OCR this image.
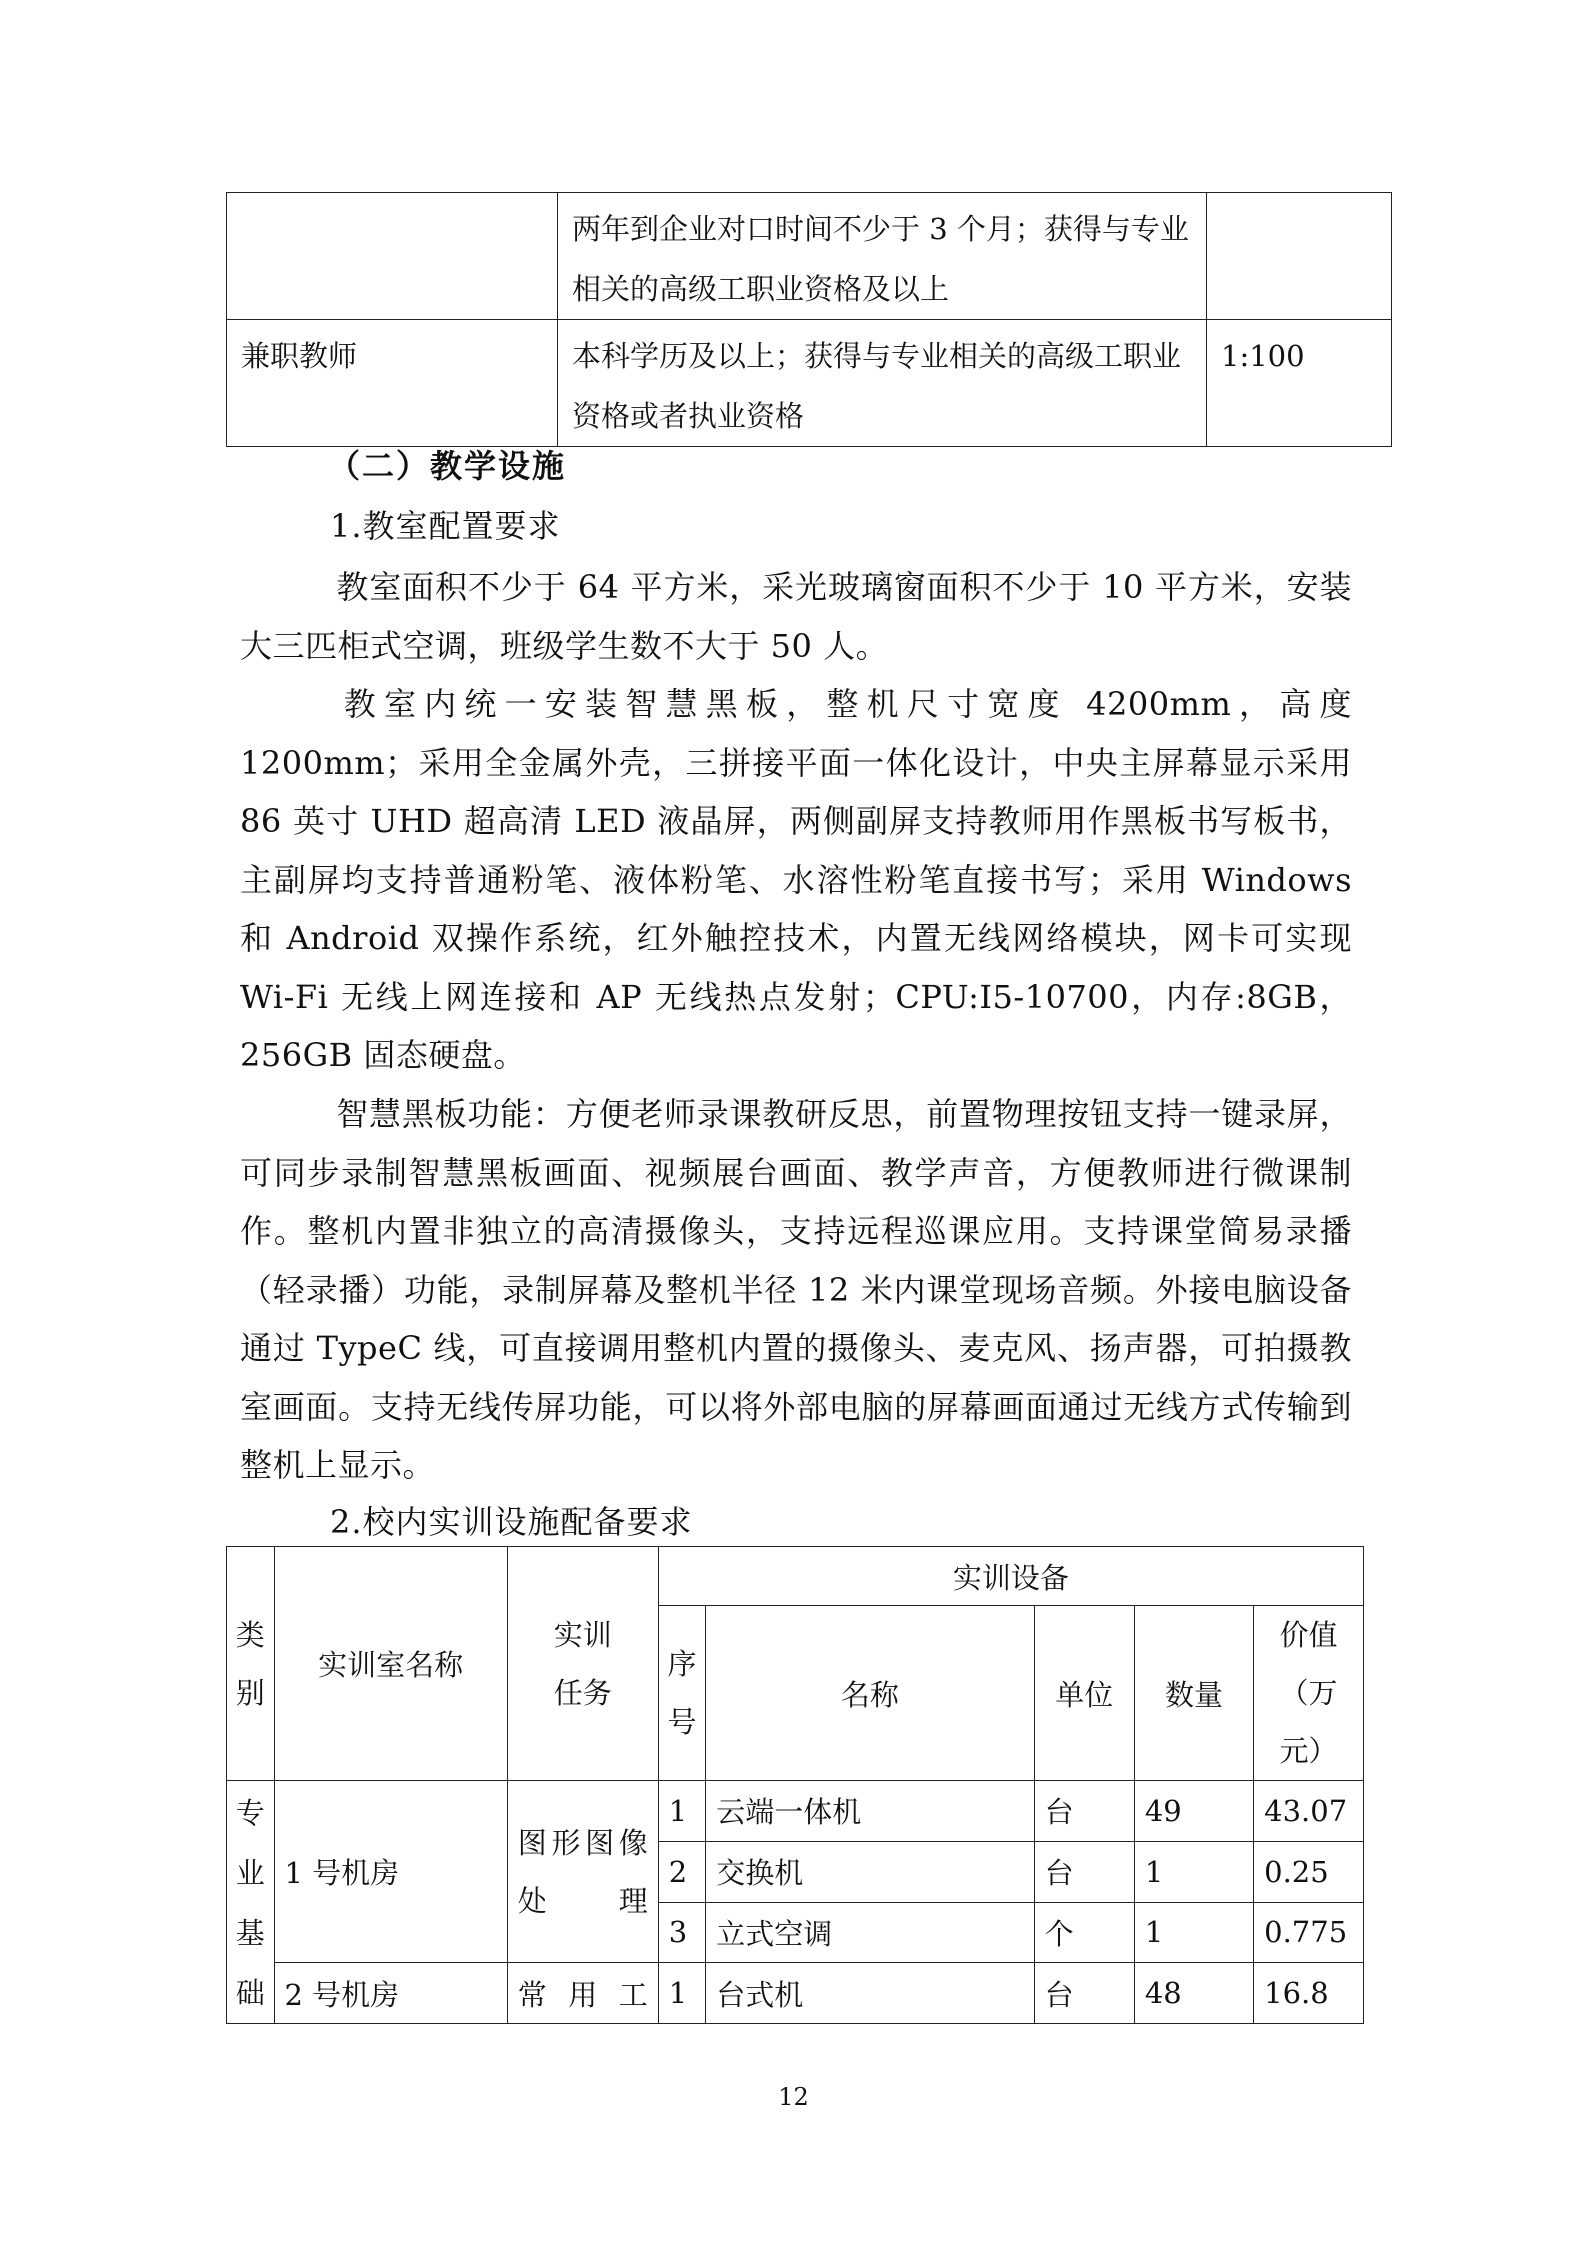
	两年到企业对口时间不少于 3 个月；获得与专业相关的高级工职业资格及以上	
兼职教师	本科学历及以上；获得与专业相关的高级工职业资格或者执业资格	1:100
（二）教学设施
1.教室配置要求
教室面积不少于 64 平方米，采光玻璃窗面积不少于 10 平方米，安装大三匹柜式空调，班级学生数不大于 50 人。
教室内统一安装智慧黑板，整机尺寸宽度 4200mm，高度 1200mm；采用全金属外壳，三拼接平面一体化设计，中央主屏幕显示采用 86 英寸 UHD 超高清 LED 液晶屏，两侧副屏支持教师用作黑板书写板书，主副屏均支持普通粉笔、液体粉笔、水溶性粉笔直接书写；采用 Windows 和 Android 双操作系统，红外触控技术，内置无线网络模块，网卡可实现 Wi-Fi 无线上网连接和 AP 无线热点发射；CPU:I5-10700，内存:8GB，256GB 固态硬盘。
智慧黑板功能：方便老师录课教研反思，前置物理按钮支持一键录屏，可同步录制智慧黑板画面、视频展台画面、教学声音，方便教师进行微课制作。整机内置非独立的高清摄像头，支持远程巡课应用。支持课堂简易录播（轻录播）功能，录制屏幕及整机半径 12 米内课堂现场音频。外接电脑设备通过 TypeC 线，可直接调用整机内置的摄像头、麦克风、扬声器，可拍摄教室画面。支持无线传屏功能，可以将外部电脑的屏幕画面通过无线方式传输到整机上显示。
2.校内实训设施配备要求
类别	实训室名称	实训任务	实训设备				
			序号	名称	单位	数量	价值（万元）
专业基础	1 号机房	图形图像处理	1	云端一体机	台	49	43.07
			2	交换机	台	1	0.25
			3	立式空调	个	1	0.775
	2 号机房	常用工	1	台式机	台	48	16.8
12
